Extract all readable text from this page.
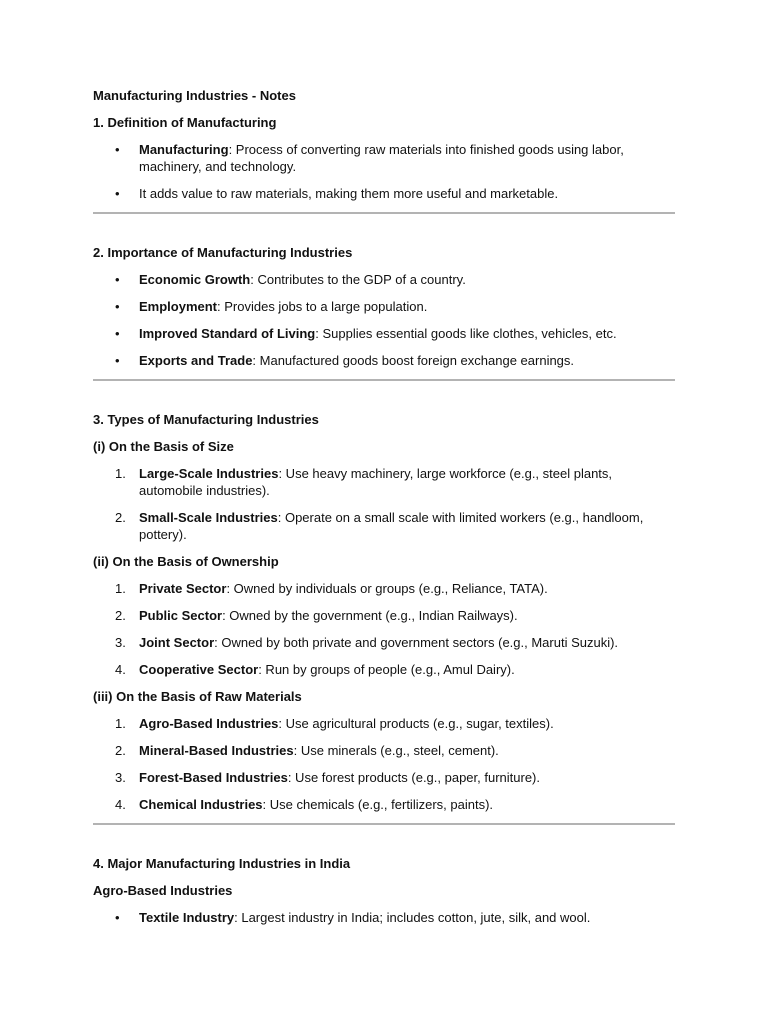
Manufacturing Industries - Notes
1. Definition of Manufacturing
• Manufacturing: Process of converting raw materials into finished goods using labor, machinery, and technology.
• It adds value to raw materials, making them more useful and marketable.
2. Importance of Manufacturing Industries
• Economic Growth: Contributes to the GDP of a country.
• Employment: Provides jobs to a large population.
• Improved Standard of Living: Supplies essential goods like clothes, vehicles, etc.
• Exports and Trade: Manufactured goods boost foreign exchange earnings.
3. Types of Manufacturing Industries
(i) On the Basis of Size
1. Large-Scale Industries: Use heavy machinery, large workforce (e.g., steel plants, automobile industries).
2. Small-Scale Industries: Operate on a small scale with limited workers (e.g., handloom, pottery).
(ii) On the Basis of Ownership
1. Private Sector: Owned by individuals or groups (e.g., Reliance, TATA).
2. Public Sector: Owned by the government (e.g., Indian Railways).
3. Joint Sector: Owned by both private and government sectors (e.g., Maruti Suzuki).
4. Cooperative Sector: Run by groups of people (e.g., Amul Dairy).
(iii) On the Basis of Raw Materials
1. Agro-Based Industries: Use agricultural products (e.g., sugar, textiles).
2. Mineral-Based Industries: Use minerals (e.g., steel, cement).
3. Forest-Based Industries: Use forest products (e.g., paper, furniture).
4. Chemical Industries: Use chemicals (e.g., fertilizers, paints).
4. Major Manufacturing Industries in India
Agro-Based Industries
• Textile Industry: Largest industry in India; includes cotton, jute, silk, and wool.
